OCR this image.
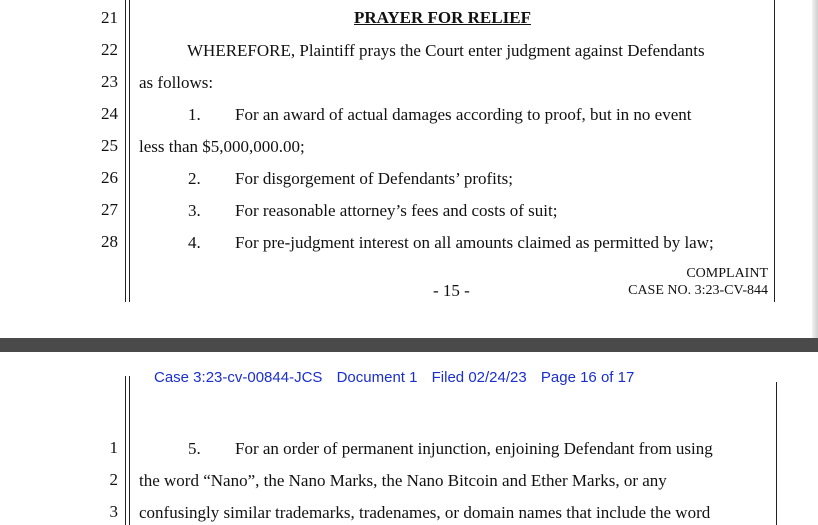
PRAYER FOR RELIEF
21
22	WHEREFORE, Plaintiff prays the Court enter judgment against Defendants
23 as follows:
24	1. For an award of actual damages according to proof, but in no event
25 less than $5,000,000.00;
26	2. For disgorgement of Defendants’ profits;
27	3. For reasonable attorney’s fees and costs of suit;
28	4. For pre-judgment interest on all amounts claimed as permitted by law;
COMPLAINT
- 15 -	CASE NO. 3:23-CV-844
1	5. For an order of permanent injunction, enjoining Defendant from using
2 the word “Nano”, the Nano Marks, the Nano Bitcoin and Ether Marks, or any
3 confusingly similar trademarks, tradenames, or domain names that include the word
Case 3:23-cv-00844-JCS Document 1 Filed 02/24/23 Page 16 of 17
